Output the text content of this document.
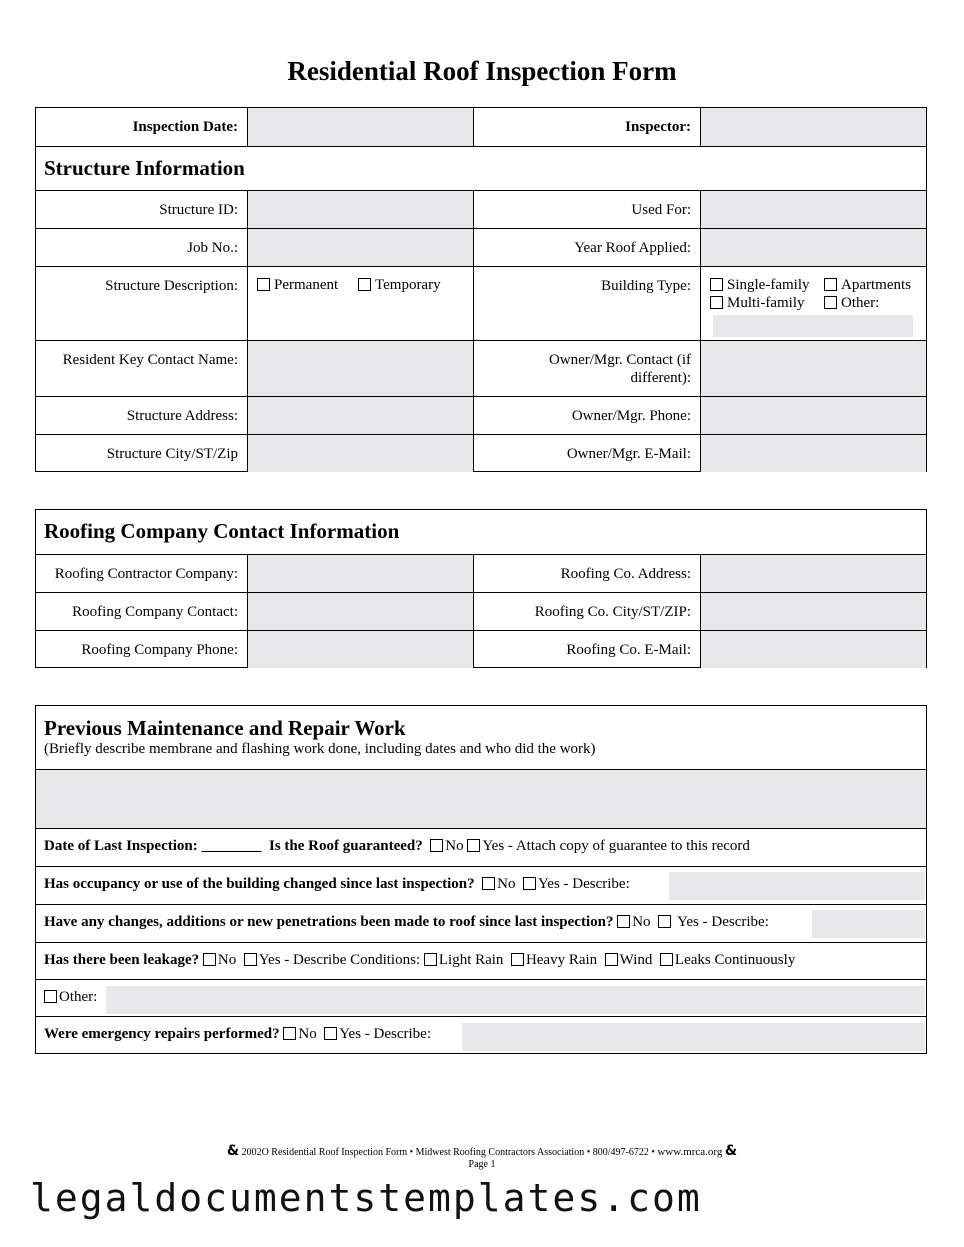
Residential Roof Inspection Form
Inspection Date:	Inspector:
Structure Information
Structure ID:	Used For:
Job No.:	Year Roof Applied:
Structure Description:	Permanent	Temporary	Building Type:	Single-family	Apartments
Multi-family	Other:
Resident Key Contact Name:	Owner/Mgr. Contact (if
different):
Structure Address:	Owner/Mgr. Phone:
Structure City/ST/Zip	Owner/Mgr. E-Mail:
Roofing Company Contact Information
Roofing Contractor Company:	Roofing Co. Address:
Roofing Company Contact:	Roofing Co. City/ST/ZIP:
Roofing Company Phone:	Roofing Co. E-Mail:
Previous Maintenance and Repair Work
(Briefly describe membrane and flashing work done, including dates and who did the work)
Date of Last Inspection: ________ Is the Roof guaranteed? No Yes - Attach copy of guarantee to this record
Has occupancy or use of the building changed since last inspection? No Yes - Describe:
Have any changes, additions or new penetrations been made to roof since last inspection? No Yes - Describe:
Has there been leakage? No Yes - Describe Conditions: Light Rain Heavy Rain Wind Leaks Continuously
Other:
Were emergency repairs performed? No Yes - Describe:
& 2002O Residential Roof Inspection Form • Midwest Roofing Contractors Association • 800/497-6722 • www.mrca.org &
Page 1
legaldocumentstemplates.com
